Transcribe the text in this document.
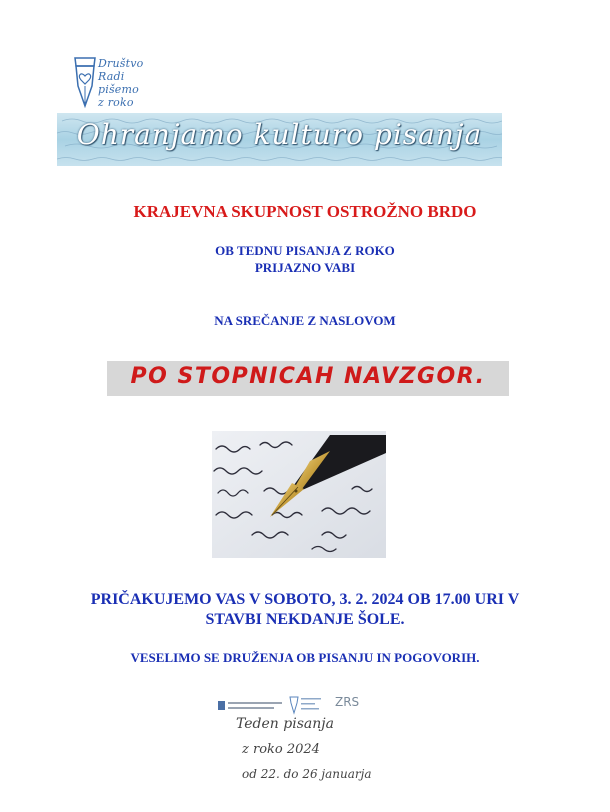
Društvo
Radi
pišemo
z roko
Ohranjamo kulturo pisanja
KRAJEVNA SKUPNOST OSTROŽNO BRDO
OB TEDNU PISANJA Z ROKO
PRIJAZNO VABI
NA SREČANJE Z NASLOVOM
PO STOPNICAH NAVZGOR.
PRIČAKUJEMO VAS V SOBOTO, 3. 2. 2024 OB 17.00 URI V
STAVBI NEKDANJE ŠOLE.
VESELIMO SE DRUŽENJA OB PISANJU IN POGOVORIH.
ZRS
Teden pisanja
z roko 2024
od 22. do 26 januarja
